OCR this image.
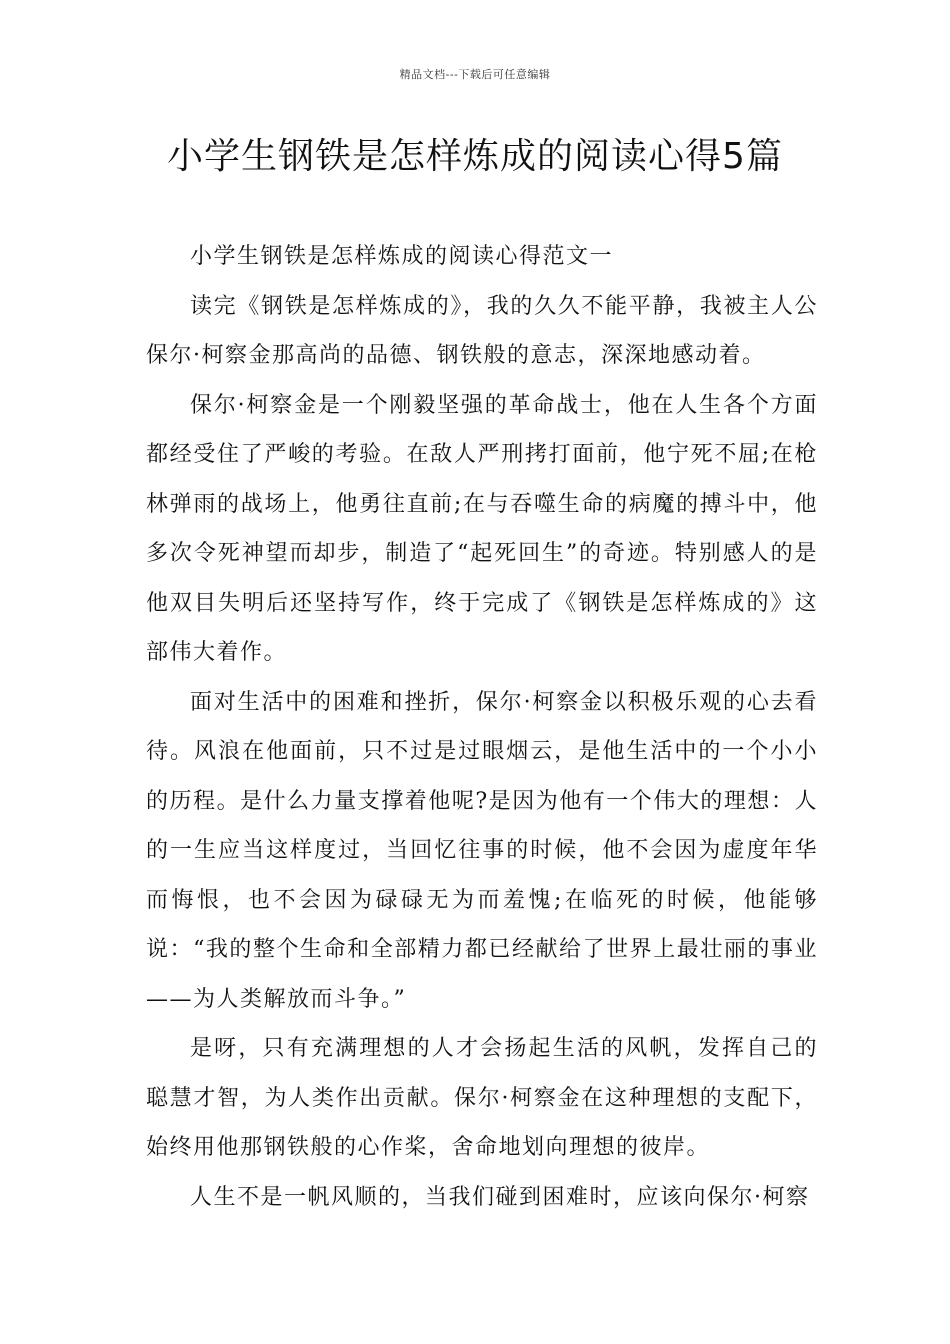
精品文档---下载后可任意编辑
小学生钢铁是怎样炼成的阅读心得5篇

小学生钢铁是怎样炼成的阅读心得范文一

读完《钢铁是怎样炼成的》，我的久久不能平静，我被主人公保尔·柯察金那高尚的品德、钢铁般的意志，深深地感动着。

保尔·柯察金是一个刚毅坚强的革命战士，他在人生各个方面都经受住了严峻的考验。在敌人严刑拷打面前，他宁死不屈;在枪林弹雨的战场上，他勇往直前;在与吞噬生命的病魔的搏斗中，他多次令死神望而却步，制造了“起死回生”的奇迹。特别感人的是他双目失明后还坚持写作，终于完成了《钢铁是怎样炼成的》这部伟大着作。

面对生活中的困难和挫折，保尔·柯察金以积极乐观的心去看待。风浪在他面前，只不过是过眼烟云，是他生活中的一个小小的历程。是什么力量支撑着他呢?是因为他有一个伟大的理想：人的一生应当这样度过，当回忆往事的时候，他不会因为虚度年华而悔恨，也不会因为碌碌无为而羞愧;在临死的时候，他能够说：“我的整个生命和全部精力都已经献给了世界上最壮丽的事业——为人类解放而斗争。”

是呀，只有充满理想的人才会扬起生活的风帆，发挥自己的聪慧才智，为人类作出贡献。保尔·柯察金在这种理想的支配下，始终用他那钢铁般的心作桨，舍命地划向理想的彼岸。

人生不是一帆风顺的，当我们碰到困难时，应该向保尔·柯察
